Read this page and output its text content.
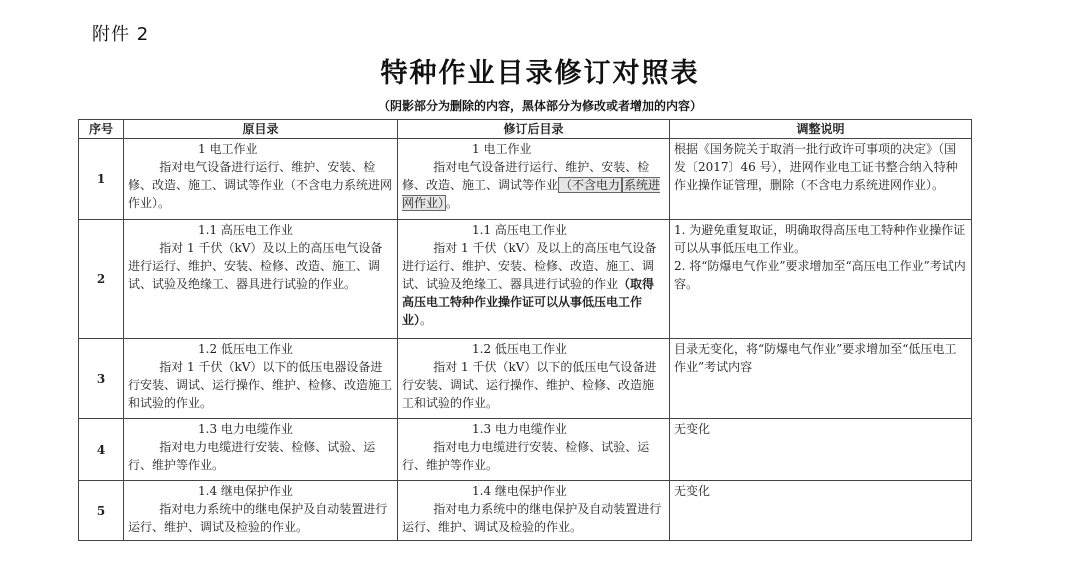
附件 2
特种作业目录修订对照表
（阴影部分为删除的内容，黑体部分为修改或者增加的内容）
序号	原目录	修订后目录	调整说明
1	1 电工作业
指对电气设备进行运行、维护、安装、检修、改造、施工、调试等作业（不含电力系统进网作业）。	1 电工作业
指对电气设备进行运行、维护、安装、检修、改造、施工、调试等作业 （不含电力 系统进网作业） 。	根据《国务院关于取消一批行政许可事项的决定》（国发〔2017〕46 号），进网作业电工证书整合纳入特种作业操作证管理，删除（不含电力系统进网作业）。

2	1.1 高压电工作业
指对 1 千伏（kV）及以上的高压电气设备进行运行、维护、安装、检修、改造、施工、调试、试验及绝缘工、器具进行试验的作业。	1.1 高压电工作业
指对 1 千伏（kV）及以上的高压电气设备进行运行、维护、安装、检修、改造、施工、调试、试验及绝缘工、器具进行试验的作业（取得高压电工特种作业操作证可以从事低压电工作业）。	1. 为避免重复取证，明确取得高压电工特种作业操作证可以从事低压电工作业。
2. 将“防爆电气作业”要求增加至“高压电工作业”考试内容。

3	1.2 低压电工作业
指对 1 千伏（kV）以下的低压电器设备进行安装、调试、运行操作、维护、检修、改造施工和试验的作业。	1.2 低压电工作业
指对 1 千伏（kV）以下的低压电气设备进行安装、调试、运行操作、维护、检修、改造施工和试验的作业。	目录无变化，将“防爆电气作业”要求增加至“低压电工作业”考试内容

4	1.3 电力电缆作业
指对电力电缆进行安装、检修、试验、运行、维护等作业。	1.3 电力电缆作业
指对电力电缆进行安装、检修、试验、运行、维护等作业。	无变化

5	1.4 继电保护作业
指对电力系统中的继电保护及自动装置进行运行、维护、调试及检验的作业。	1.4 继电保护作业
指对电力系统中的继电保护及自动装置进行运行、维护、调试及检验的作业。	无变化
